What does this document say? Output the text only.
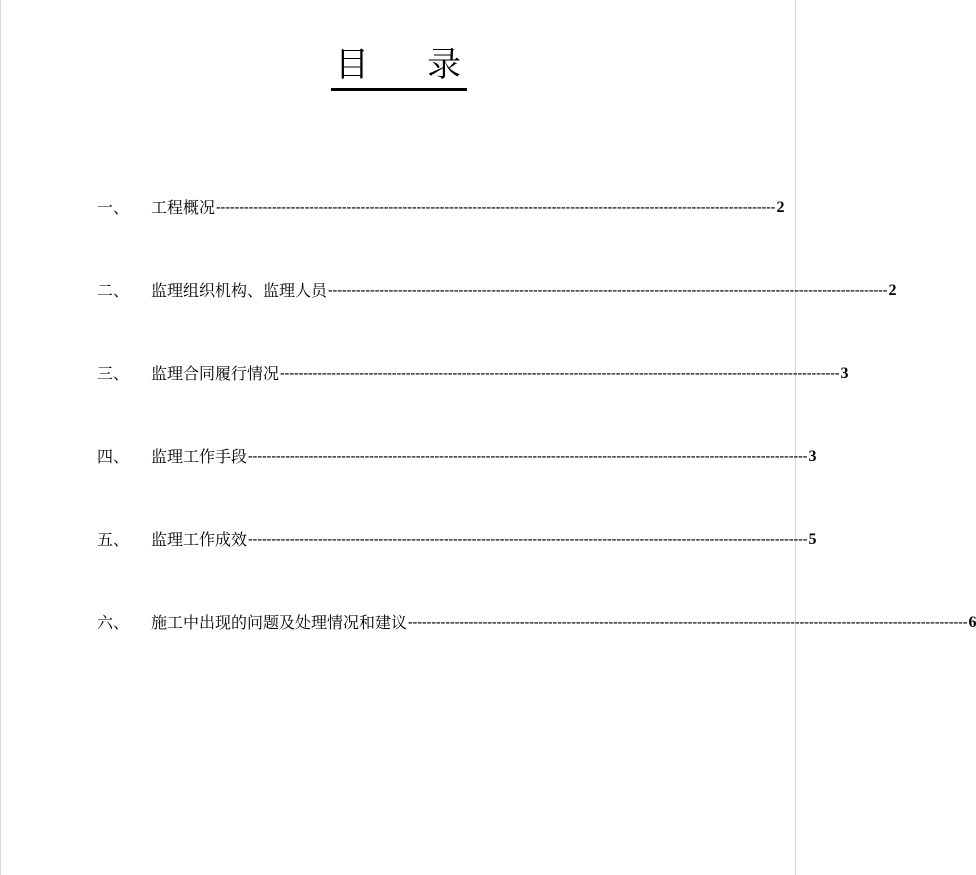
目 录
一、	工程概况 ------------------------------------------------------------------------------------------------------------------------ 2
二、	监理组织机构、监理人员 ------------------------------------------------------------------------------------------------------------------------ 2
三、	监理合同履行情况 ------------------------------------------------------------------------------------------------------------------------ 3
四、	监理工作手段 ------------------------------------------------------------------------------------------------------------------------ 3
五、	监理工作成效 ------------------------------------------------------------------------------------------------------------------------ 5
六、	施工中出现的问题及处理情况和建议 ------------------------------------------------------------------------------------------------------------------------ 6
